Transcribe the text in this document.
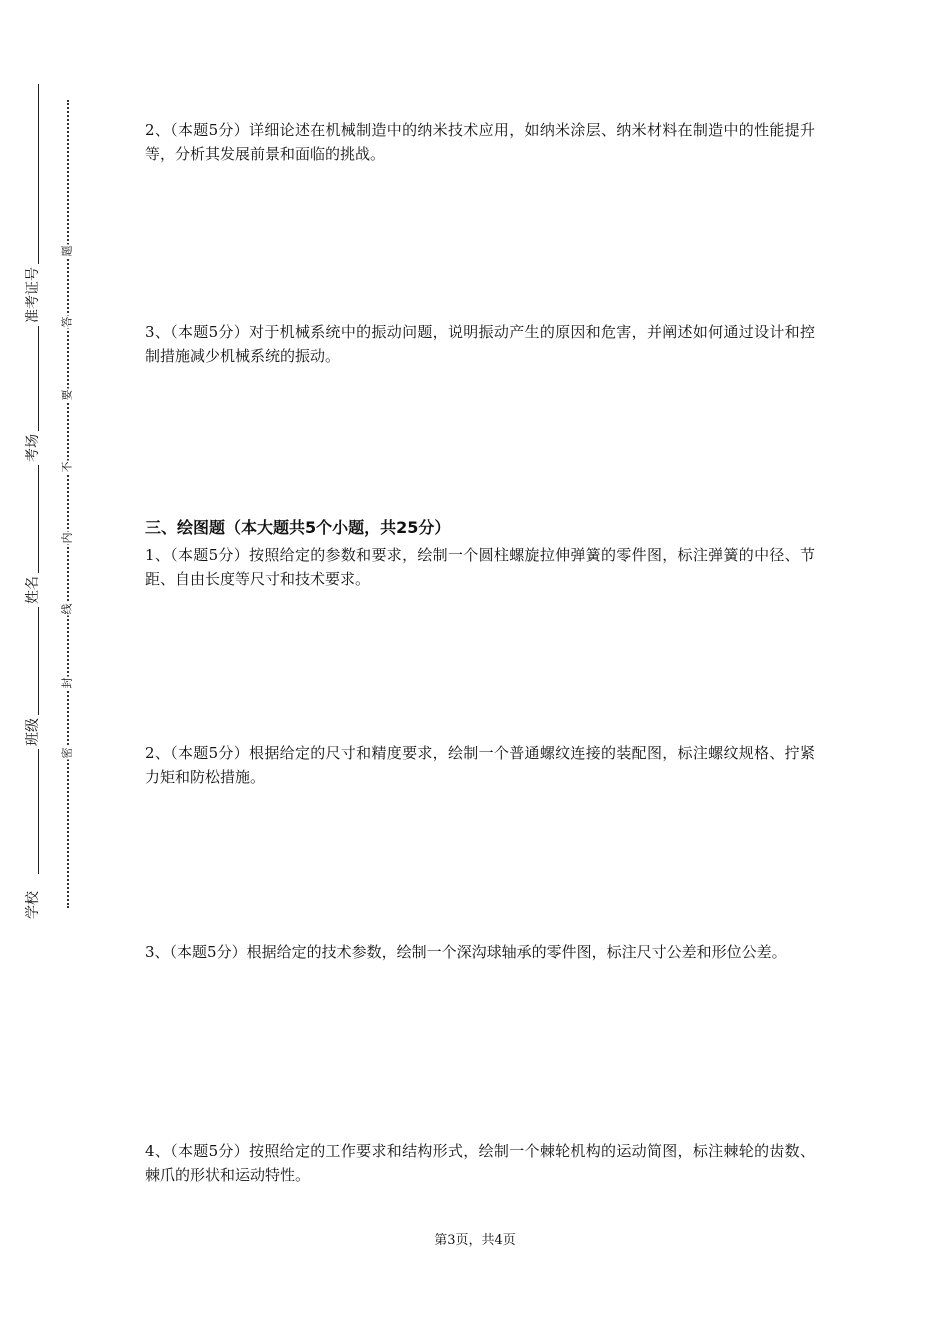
准考证号
考场
姓名
班级
学校
题
答
要
不
内
线
封
密

2、（本题5分）详细论述在机械制造中的纳米技术应用，如纳米涂层、纳米材料在制造中的性能提升等，分析其发展前景和面临的挑战。

3、（本题5分）对于机械系统中的振动问题，说明振动产生的原因和危害，并阐述如何通过设计和控制措施减少机械系统的振动。

三、绘图题（本大题共5个小题，共25分）

1、（本题5分）按照给定的参数和要求，绘制一个圆柱螺旋拉伸弹簧的零件图，标注弹簧的中径、节距、自由长度等尺寸和技术要求。

2、（本题5分）根据给定的尺寸和精度要求，绘制一个普通螺纹连接的装配图，标注螺纹规格、拧紧力矩和防松措施。

3、（本题5分）根据给定的技术参数，绘制一个深沟球轴承的零件图，标注尺寸公差和形位公差。

4、（本题5分）按照给定的工作要求和结构形式，绘制一个棘轮机构的运动简图，标注棘轮的齿数、棘爪的形状和运动特性。

第3页，共4页
